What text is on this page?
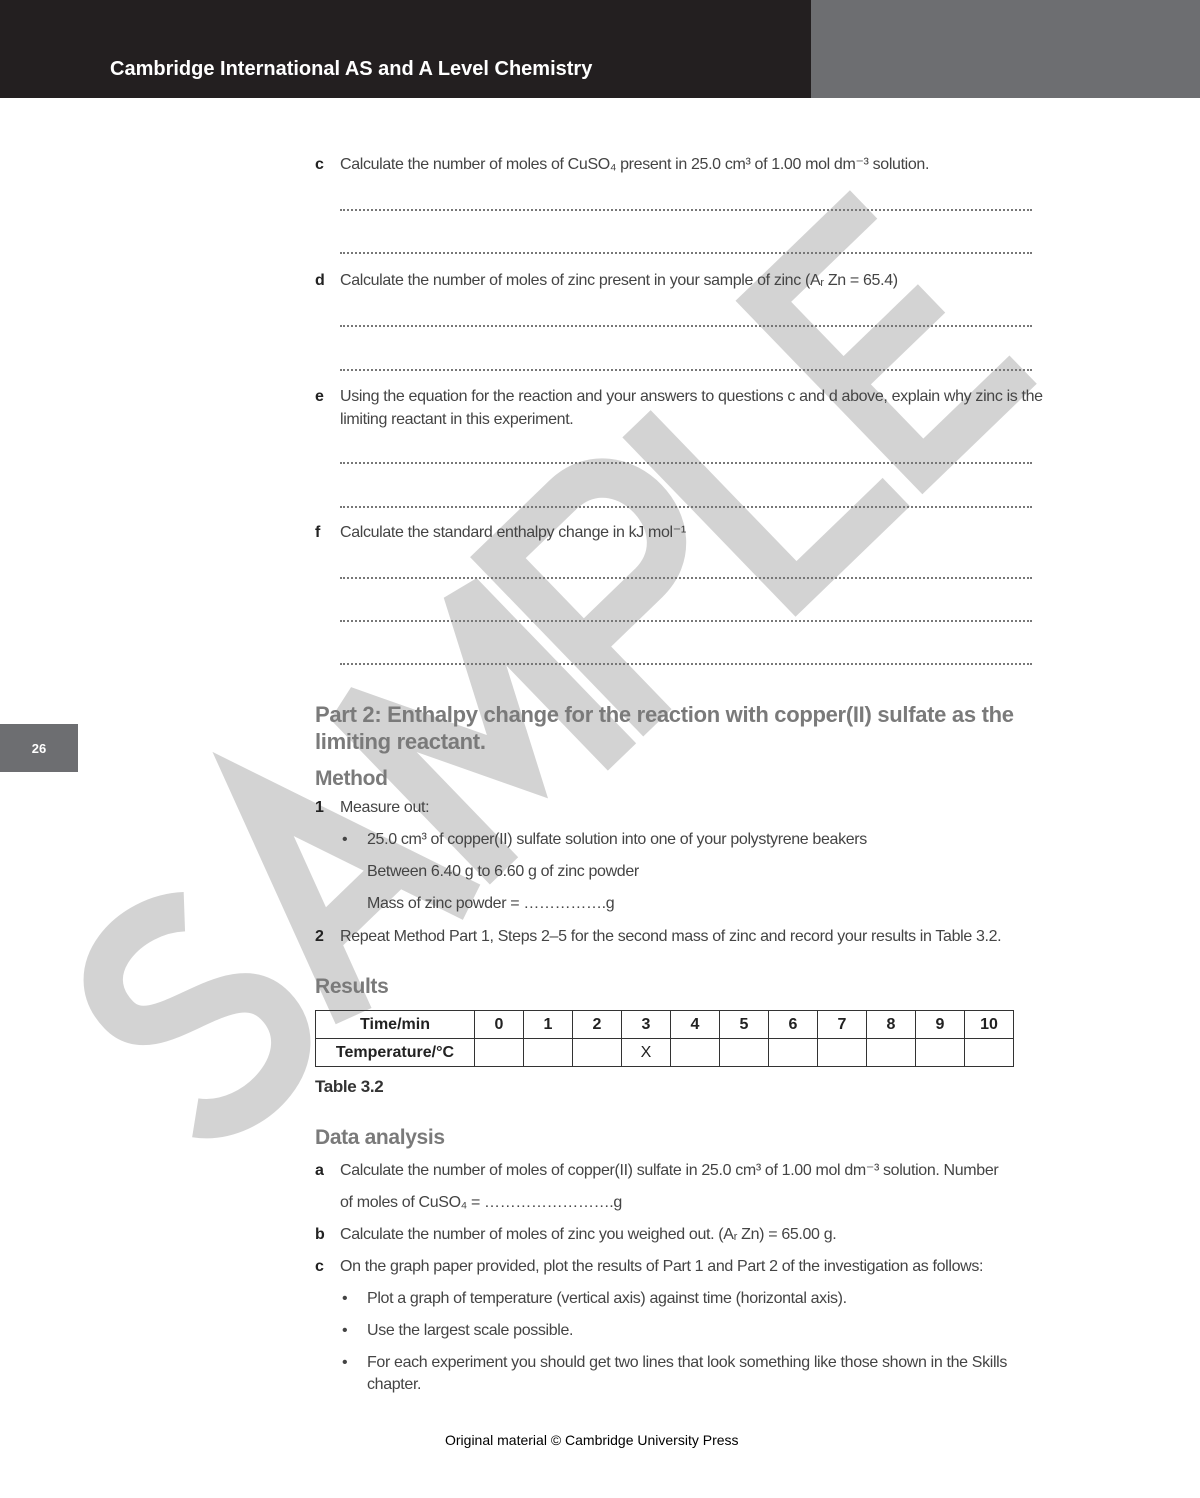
Cambridge International AS and A Level Chemistry
26
c	Calculate the number of moles of CuSO₄ present in 25.0 cm³ of 1.00 mol dm⁻³ solution.
d Calculate the number of moles of zinc present in your sample of zinc (Aᵣ Zn = 65.4)
e	Using the equation for the reaction and your answers to questions c and d above, explain why zinc is the limiting reactant in this experiment.
f	Calculate the standard enthalpy change in kJ mol⁻¹
Part 2: Enthalpy change for the reaction with copper(II) sulfate as the limiting reactant.
Method
1	Measure out:
•	25.0 cm³ of copper(II) sulfate solution into one of your polystyrene beakers
Between 6.40 g to 6.60 g of zinc powder
Mass of zinc powder = …………….g
2	Repeat Method Part 1, Steps 2–5 for the second mass of zinc and record your results in Table 3.2.
Results
Time/min	0	1	2	3	4	5	6	7	8	9	10
Temperature/°C				X							
Table 3.2
Data analysis
a	Calculate the number of moles of copper(II) sulfate in 25.0 cm³ of 1.00 mol dm⁻³ solution. Number
of moles of CuSO₄ = …………………….g
b Calculate the number of moles of zinc you weighed out. (Aᵣ Zn) = 65.00 g.
c	On the graph paper provided, plot the results of Part 1 and Part 2 of the investigation as follows:
•	Plot a graph of temperature (vertical axis) against time (horizontal axis).
•	Use the largest scale possible.
•	For each experiment you should get two lines that look something like those shown in the Skills chapter.
Original material © Cambridge University Press
